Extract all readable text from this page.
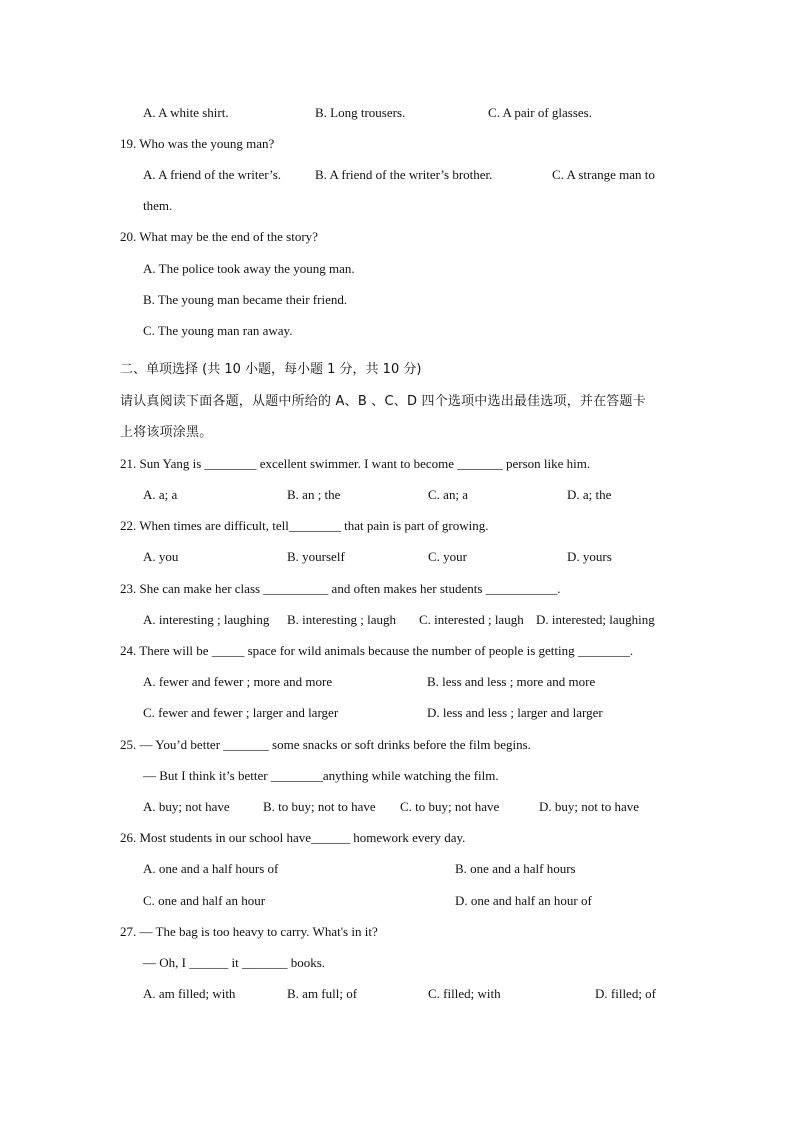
A. A white shirt.	B. Long trousers.	C. A pair of glasses.
19. Who was the young man?
A. A friend of the writer’s.	B. A friend of the writer’s brother.	C. A strange man to
them.
20. What may be the end of the story?
A. The police took away the young man.
B. The young man became their friend.
C. The young man ran away.
二、单项选择 (共 10 小题，每小题 1 分，共 10 分)
请认真阅读下面各题，从题中所给的 A、B 、C、D 四个选项中选出最佳选项，并在答题卡
上将该项涂黑。
21. Sun Yang is ________ excellent swimmer. I want to become _______ person like him.
A. a; a	B. an ; the	C. an; a	D. a; the
22. When times are difficult, tell________ that pain is part of growing.
A. you	B. yourself	C. your	D. yours
23. She can make her class __________ and often makes her students ___________.
A. interesting ; laughing B. interesting ; laugh C. interested ; laugh D. interested; laughing
24. There will be _____ space for wild animals because the number of people is getting ________.
A. fewer and fewer ; more and more	B. less and less ; more and more
C. fewer and fewer ; larger and larger	D. less and less ; larger and larger
25. — You’d better _______ some snacks or soft drinks before the film begins.
— But I think it’s better ________anything while watching the film.
A. buy; not have	B. to buy; not to have C. to buy; not have	D. buy; not to have
26. Most students in our school have______ homework every day.
A. one and a half hours of	B. one and a half hours
C. one and half an hour	D. one and half an hour of
27. — The bag is too heavy to carry. What's in it?
— Oh, I ______ it _______ books.
A. am filled; with	B. am full; of	C. filled; with	D. filled; of
